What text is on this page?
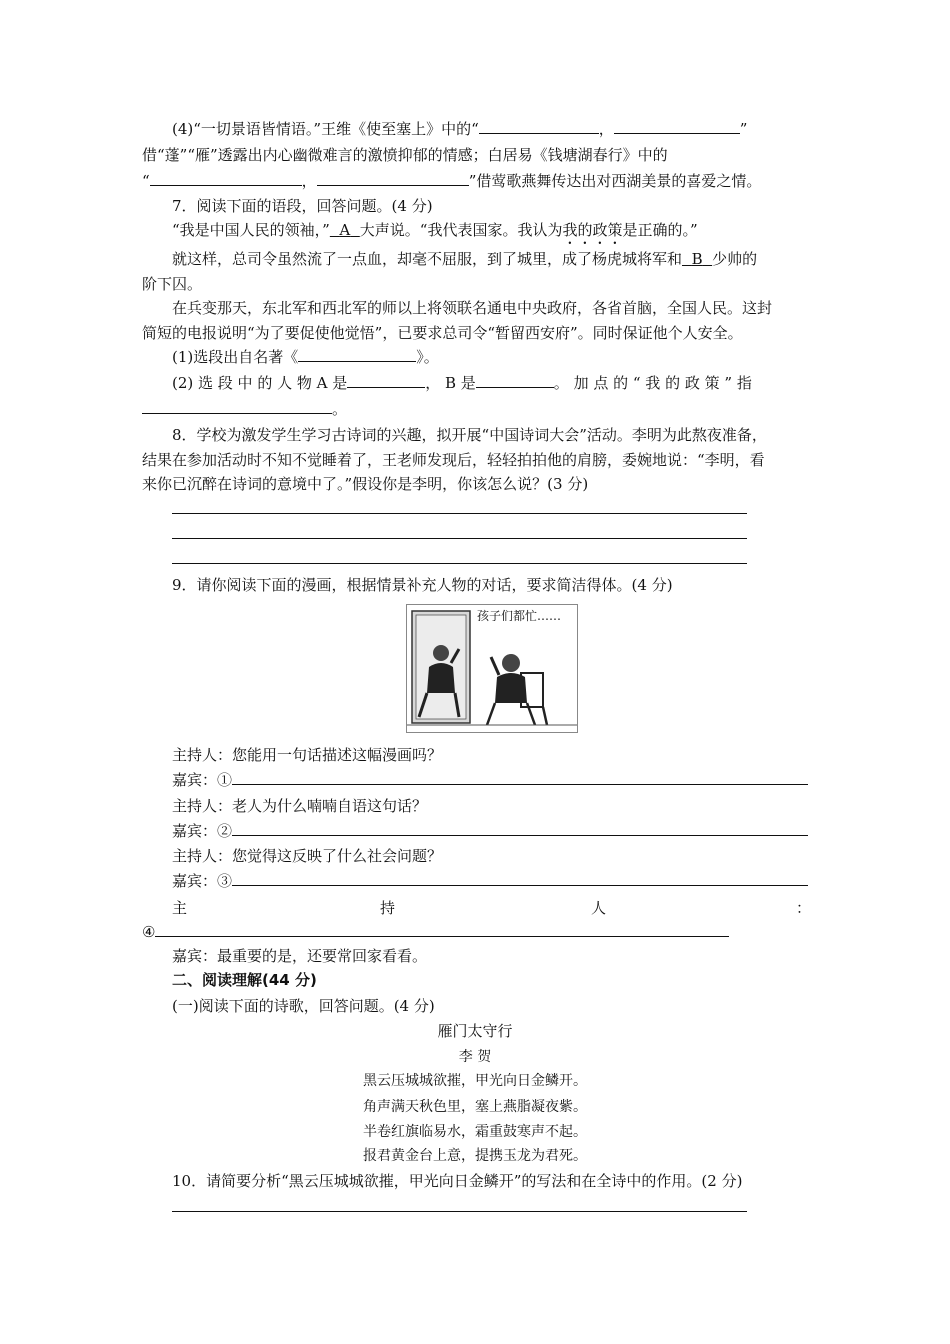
(4)“一切景语皆情语。”王维《使至塞上》中的“	，	”
借“蓬”“雁”透露出内心幽微难言的激愤抑郁的情感；白居易《钱塘湖春行》中的
“	，	”借莺歌燕舞传达出对西湖美景的喜爱之情。
7．阅读下面的语段，回答问题。(4 分)
“我是中国人民的领袖，” A 大声说。“我代表国家。我认为我的政策是正确的。”
就这样，总司令虽然流了一点血，却毫不屈服，到了城里，成了杨虎城将军和 B 少帅的
阶下囚。
在兵变那天，东北军和西北军的师以上将领联名通电中央政府，各省首脑，全国人民。这封
简短的电报说明“为了要促使他觉悟”，已要求总司令“暂留西安府”。同时保证他个人安全。
(1)选段出自名著《	》。
(2) 选 段 中 的 人 物 A 是	， B 是	。 加 点 的 “ 我 的 政 策 ” 指
。
8．学校为激发学生学习古诗词的兴趣，拟开展“中国诗词大会”活动。李明为此熬夜准备，
结果在参加活动时不知不觉睡着了，王老师发现后，轻轻拍拍他的肩膀，委婉地说：“李明，看
来你已沉醉在诗词的意境中了。”假设你是李明，你该怎么说？(3 分)
9．请你阅读下面的漫画，根据情景补充人物的对话，要求简洁得体。(4 分)
孩子们都忙……
主持人：您能用一句话描述这幅漫画吗？
嘉宾：①
主持人：老人为什么喃喃自语这句话？
嘉宾：②
主持人：您觉得这反映了什么社会问题？
嘉宾：③
主	持	人	：
④
嘉宾：最重要的是，还要常回家看看。
二、阅读理解(44 分)
(一)阅读下面的诗歌，回答问题。(4 分)
雁门太守行
李 贺
黑云压城城欲摧，甲光向日金鳞开。
角声满天秋色里，塞上燕脂凝夜紫。
半卷红旗临易水，霜重鼓寒声不起。
报君黄金台上意，提携玉龙为君死。
10．请简要分析“黑云压城城欲摧，甲光向日金鳞开”的写法和在全诗中的作用。(2 分)
